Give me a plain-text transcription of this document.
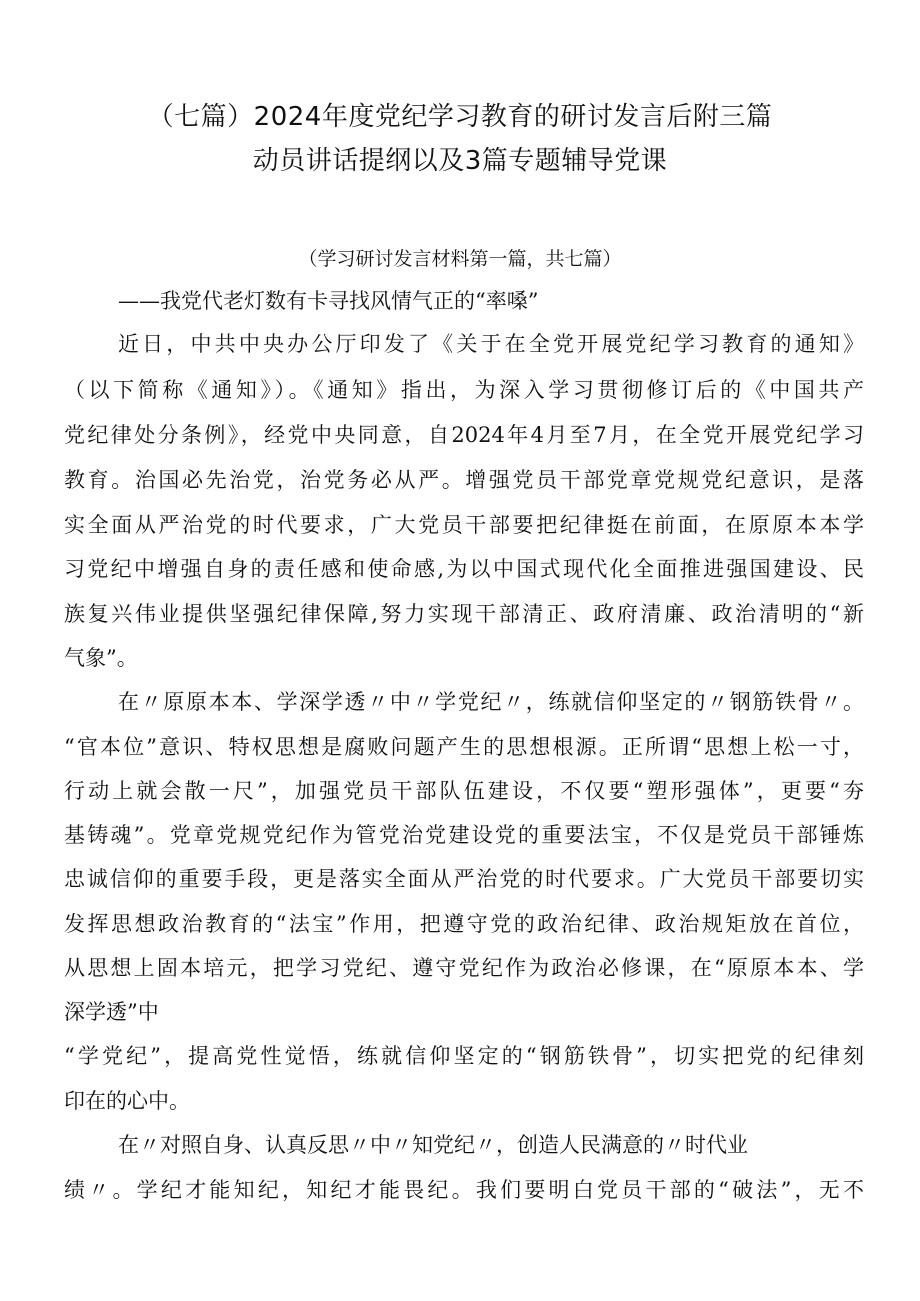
（七篇）2024年度党纪学习教育的研讨发言后附三篇
动员讲话提纲以及3篇专题辅导党课
（学习研讨发言材料第一篇，共七篇）
——我党代老灯数有卡寻找风情气正的“率嗓”
近日，中共中央办公厅印发了《关于在全党开展党纪学习教育的通知》
（以下简称《通知》）。《通知》指出，为深入学习贯彻修订后的《中国共产
党纪律处分条例》，经党中央同意，自2024年4月至7月，在全党开展党纪学习
教育。治国必先治党，治党务必从严。增强党员干部党章党规党纪意识，是落
实全面从严治党的时代要求，广大党员干部要把纪律挺在前面，在原原本本学
习党纪中增强自身的责任感和使命感,为以中国式现代化全面推进强国建设、民
族复兴伟业提供坚强纪律保障,努力实现干部清正、政府清廉、政治清明的“新
气象”。
在〃原原本本、学深学透〃中〃学党纪〃，练就信仰坚定的〃钢筋铁骨〃。
“官本位”意识、特权思想是腐败问题产生的思想根源。正所谓“思想上松一寸，
行动上就会散一尺”，加强党员干部队伍建设，不仅要“塑形强体”，更要“夯
基铸魂”。党章党规党纪作为管党治党建设党的重要法宝，不仅是党员干部锤炼
忠诚信仰的重要手段，更是落实全面从严治党的时代要求。广大党员干部要切实
发挥思想政治教育的“法宝”作用，把遵守党的政治纪律、政治规矩放在首位，
从思想上固本培元，把学习党纪、遵守党纪作为政治必修课，在“原原本本、学
深学透”中
“学党纪”，提高党性觉悟，练就信仰坚定的“钢筋铁骨”，切实把党的纪律刻
印在的心中。
在〃对照自身、认真反思〃中〃知党纪〃，创造人民满意的〃时代业
绩〃。学纪才能知纪，知纪才能畏纪。我们要明白党员干部的“破法”，无不
